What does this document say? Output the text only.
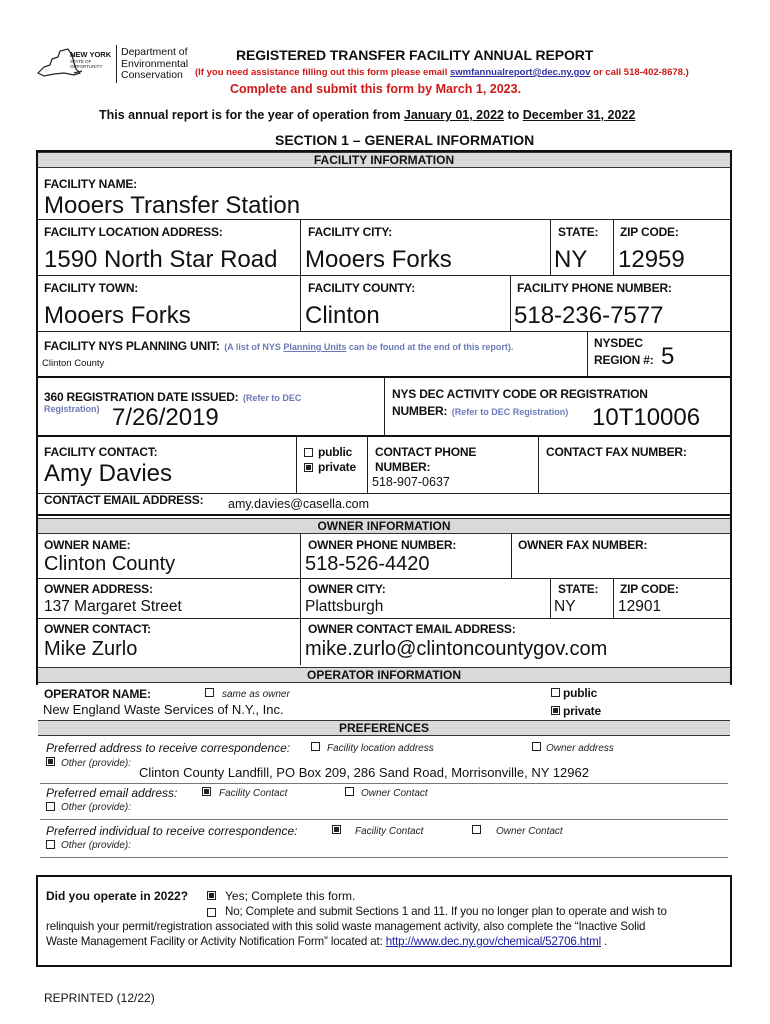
NEW YORK
STATE OF
OPPORTUNITY
Department of
Environmental
Conservation
REGISTERED TRANSFER FACILITY ANNUAL REPORT
(If you need assistance filling out this form please email swmfannualreport@dec.ny.gov or call 518-402-8678.)
Complete and submit this form by March 1, 2023.
This annual report is for the year of operation from January 01, 2022 to December 31, 2022
SECTION 1 – GENERAL INFORMATION
FACILITY INFORMATION
FACILITY NAME:
Mooers Transfer Station
FACILITY LOCATION ADDRESS:
1590 North Star Road
FACILITY CITY:
Mooers Forks
STATE:
NY
ZIP CODE:
12959
FACILITY TOWN:
Mooers Forks
FACILITY COUNTY:
Clinton
FACILITY PHONE NUMBER:
518-236-7577
FACILITY NYS PLANNING UNIT: (A list of NYS Planning Units can be found at the end of this report).
Clinton County
NYSDEC
REGION #: 5
360 REGISTRATION DATE ISSUED: (Refer to DEC
Registration) 7/26/2019
NYS DEC ACTIVITY CODE OR REGISTRATION
NUMBER: (Refer to DEC Registration) 10T10006
FACILITY CONTACT:
Amy Davies
public
private
CONTACT PHONE
NUMBER:
518-907-0637
CONTACT FAX NUMBER:
CONTACT EMAIL ADDRESS: amy.davies@casella.com
OWNER INFORMATION
OWNER NAME:
Clinton County
OWNER PHONE NUMBER:
518-526-4420
OWNER FAX NUMBER:
OWNER ADDRESS:
137 Margaret Street
OWNER CITY:
Plattsburgh
STATE:
NY
ZIP CODE:
12901
OWNER CONTACT:
Mike Zurlo
OWNER CONTACT EMAIL ADDRESS:
mike.zurlo@clintoncountygov.com
OPERATOR INFORMATION
OPERATOR NAME:	same as owner
New England Waste Services of N.Y., Inc.
public
private
PREFERENCES
Preferred address to receive correspondence:	Facility location address	Owner address
Other (provide):
Clinton County Landfill, PO Box 209, 286 Sand Road, Morrisonville, NY 12962
Preferred email address:	Facility Contact	Owner Contact
Other (provide):
Preferred individual to receive correspondence:	Facility Contact	Owner Contact
Other (provide):
Did you operate in 2022?	Yes; Complete this form.
No; Complete and submit Sections 1 and 11. If you no longer plan to operate and wish to
relinquish your permit/registration associated with this solid waste management activity, also complete the “Inactive Solid
Waste Management Facility or Activity Notification Form” located at: http://www.dec.ny.gov/chemical/52706.html .
REPRINTED (12/22)
